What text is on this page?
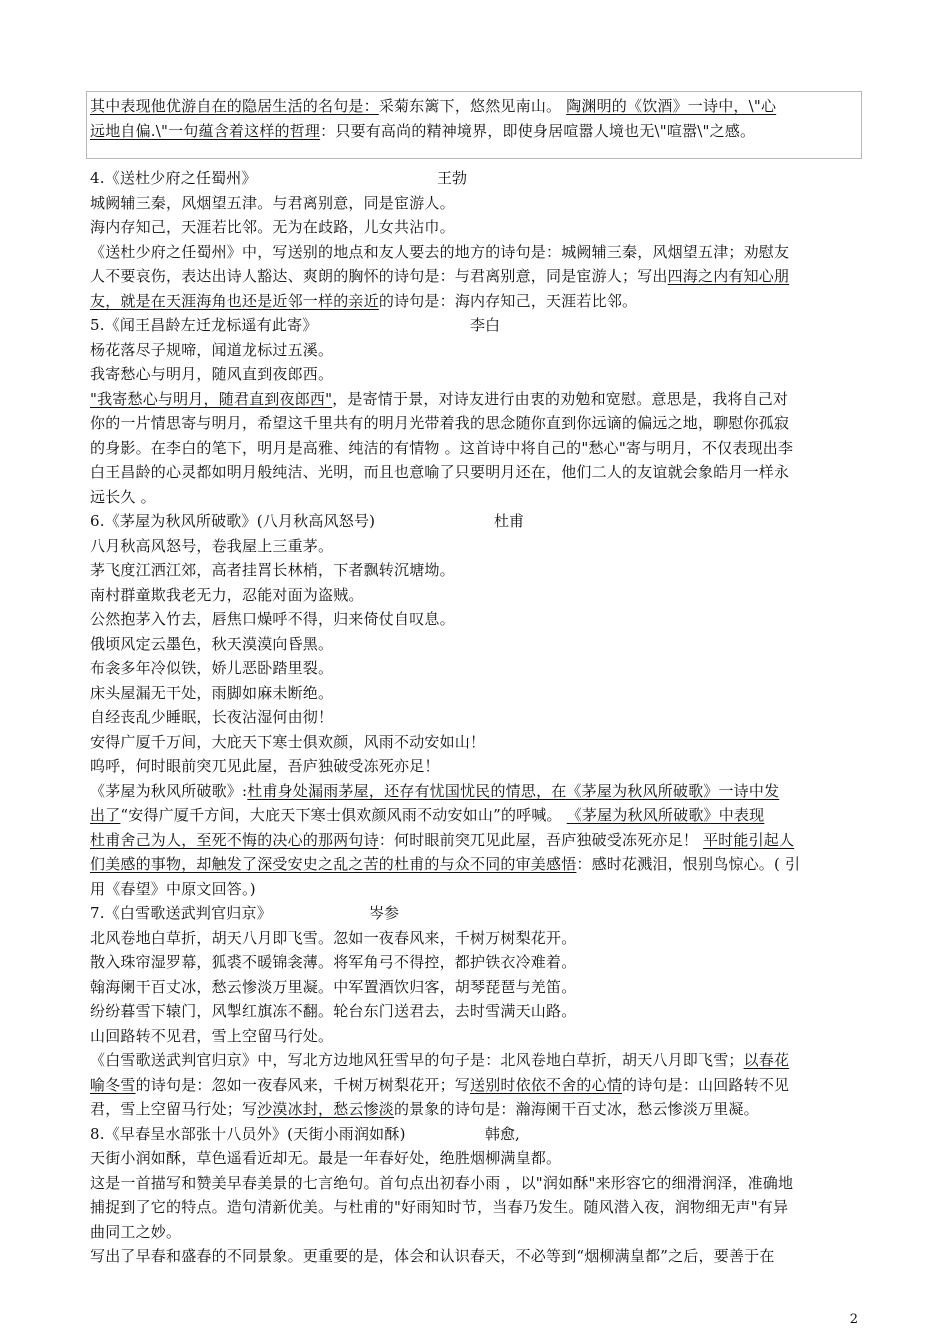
其中表现他优游自在的隐居生活的名句是：采菊东篱下，悠然见南山。 陶渊明的《饮酒》一诗中，\"心
远地自偏.\"一句蕴含着这样的哲理：只要有高尚的精神境界，即使身居喧嚣人境也无\"喧嚣\"之感。
4.《送杜少府之任蜀州》	王勃
城阙辅三秦，风烟望五津。与君离别意，同是宦游人。
海内存知己，天涯若比邻。无为在歧路，儿女共沾巾。
《送杜少府之任蜀州》中，写送别的地点和友人要去的地方的诗句是：城阙辅三秦，风烟望五津；劝慰友
人不要哀伤，表达出诗人豁达、爽朗的胸怀的诗句是：与君离别意，同是宦游人；写出四海之内有知心朋
友，就是在天涯海角也还是近邻一样的亲近的诗句是：海内存知己，天涯若比邻。
5.《闻王昌龄左迁龙标遥有此寄》	李白
杨花落尽子规啼，闻道龙标过五溪。
我寄愁心与明月，随风直到夜郎西。
"我寄愁心与明月，随君直到夜郎西"，是寄情于景，对诗友进行由衷的劝勉和宽慰。意思是，我将自己对
你的一片情思寄与明月，希望这千里共有的明月光带着我的思念随你直到你远谪的偏远之地，聊慰你孤寂
的身影。在李白的笔下，明月是高雅、纯洁的有情物 。这首诗中将自己的"愁心"寄与明月，不仅表现出李
白王昌龄的心灵都如明月般纯洁、光明，而且也意喻了只要明月还在，他们二人的友谊就会象皓月一样永
远长久 。
6.《茅屋为秋风所破歌》(八月秋高风怒号)	杜甫
八月秋高风怒号，卷我屋上三重茅。
茅飞度江洒江郊，高者挂罥长林梢，下者飘转沉塘坳。
南村群童欺我老无力，忍能对面为盗贼。
公然抱茅入竹去，唇焦口燥呼不得，归来倚仗自叹息。
俄顷风定云墨色，秋天漠漠向昏黑。
布衾多年冷似铁，娇儿恶卧踏里裂。
床头屋漏无干处，雨脚如麻未断绝。
自经丧乱少睡眠，长夜沾湿何由彻！
安得广厦千万间，大庇天下寒士俱欢颜，风雨不动安如山！
呜呼，何时眼前突兀见此屋，吾庐独破受冻死亦足！
《茅屋为秋风所破歌》:杜甫身处漏雨茅屋，还存有忧国忧民的情思，在《茅屋为秋风所破歌》一诗中发
出了“安得广厦千方间，大庇天下寒士俱欢颜风雨不动安如山”的呼喊。 《茅屋为秋风所破歌》中表现
杜甫舍己为人，至死不悔的决心的那两句诗：何时眼前突兀见此屋，吾庐独破受冻死亦足！ 平时能引起人
们美感的事物，却触发了深受安史之乱之苦的杜甫的与众不同的审美感悟：感时花溅泪，恨别鸟惊心。( 引
用《春望》中原文回答。)
7.《白雪歌送武判官归京》	岑参
北风卷地白草折，胡天八月即飞雪。忽如一夜春风来，千树万树梨花开。
散入珠帘湿罗幕，狐裘不暖锦衾薄。将军角弓不得控，都护铁衣冷难着。
翰海阑干百丈冰，愁云惨淡万里凝。中军置酒饮归客，胡琴琵琶与羌笛。
纷纷暮雪下辕门，风掣红旗冻不翻。轮台东门送君去，去时雪满天山路。
山回路转不见君，雪上空留马行处。
《白雪歌送武判官归京》中，写北方边地风狂雪早的句子是：北风卷地白草折，胡天八月即飞雪；以春花
喻冬雪的诗句是：忽如一夜春风来，千树万树梨花开；写送别时依依不舍的心情的诗句是：山回路转不见
君，雪上空留马行处；写沙漠冰封，愁云惨淡的景象的诗句是：瀚海阑干百丈冰，愁云惨淡万里凝。
8.《早春呈水部张十八员外》(天街小雨润如酥)	韩愈,
天街小润如酥，草色遥看近却无。最是一年春好处，绝胜烟柳满皇都。
这是一首描写和赞美早春美景的七言绝句。首句点出初春小雨 ，以"润如酥"来形容它的细滑润泽，准确地
捕捉到了它的特点。造句清新优美。与杜甫的"好雨知时节，当春乃发生。随风潜入夜，润物细无声"有异
曲同工之妙。
写出了早春和盛春的不同景象。更重要的是，体会和认识春天，不必等到“烟柳满皇都”之后，要善于在
2
